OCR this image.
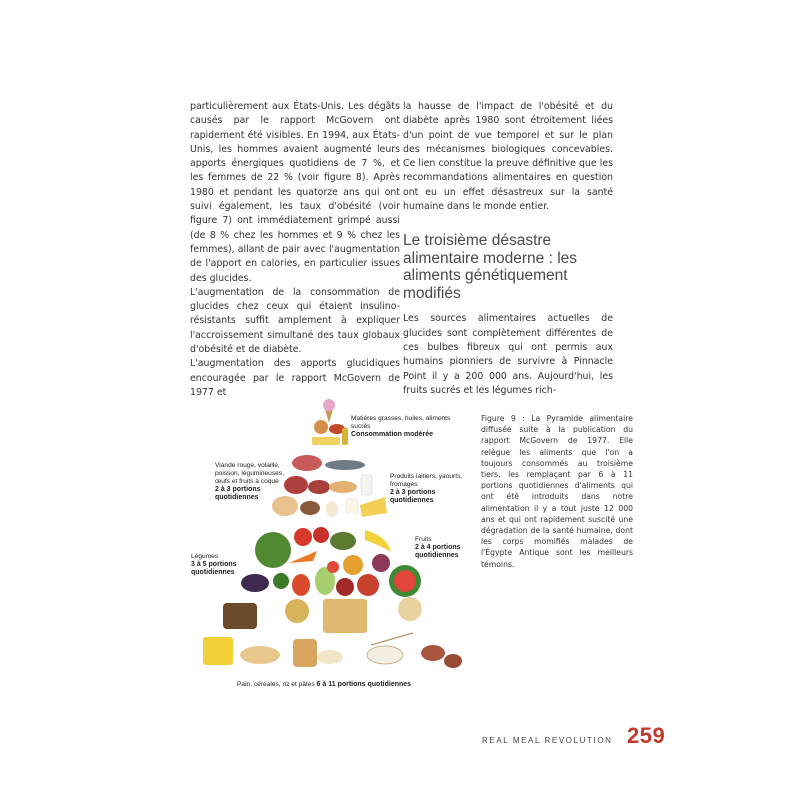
particulièrement aux États-Unis. Les dégâts causés par le rapport McGovern ont rapidement été visibles. En 1994, aux États-Unis, les hommes avaient augmenté leurs apports énergiques quotidiens de 7 %, et les femmes de 22 % (voir figure 8). Après 1980 et pendant les quatorze ans qui ont suivi également, les taux d'obésité (voir figure 7) ont immédiatement grimpé aussi (de 8 % chez les hommes et 9 % chez les femmes), allant de pair avec l'augmentation de l'apport en calories, en particulier issues des glucides.

L'augmentation de la consommation de glucides chez ceux qui étaient insulino-résistants suffit amplement à expliquer l'accroissement simultané des taux globaux d'obésité et de diabète.

L'augmentation des apports glucidiques encouragée par le rapport McGovern de 1977 et

la hausse de l'impact de l'obésité et du diabète après 1980 sont étroitement liées d'un point de vue temporel et sur le plan des mécanismes biologiques concevables. Ce lien constitue la preuve définitive que les recommandations alimentaires en question ont eu un effet désastreux sur la santé humaine dans le monde entier.

Le troisième désastre alimentaire moderne : les aliments génétiquement modifiés

Les sources alimentaires actuelles de glucides sont complètement différentes de ces bulbes fibreux qui ont permis aux humains pionniers de survivre à Pinnacle Point il y a 200 000 ans. Aujourd'hui, les fruits sucrés et les légumes rich-

Matières grasses, huiles, aliments sucrés
Consommation modérée
Viande rouge, volaille, poisson, légumineuses, œufs et fruits à coque
2 à 3 portions quotidiennes
Produits laitiers, yaourts, fromages
2 à 3 portions quotidiennes
Fruits
2 à 4 portions quotidiennes
Légumes
3 à 5 portions quotidiennes
Pain, céréales, riz et pâtes 6 à 11 portions quotidiennes
Figure 9 : La Pyramide alimentaire diffusée suite à la publication du rapport McGovern de 1977. Elle relègue les aliments que l'on a toujours consommés au troisième tiers, les remplaçant par 6 à 11 portions quotidiennes d'aliments qui ont été introduits dans notre alimentation il y a tout juste 12 000 ans et qui ont rapidement suscité une dégradation de la santé humaine, dont les corps momifiés malades de l'Égypte Antique sont les meilleurs témoins.
REAL MEAL REVOLUTION 259
